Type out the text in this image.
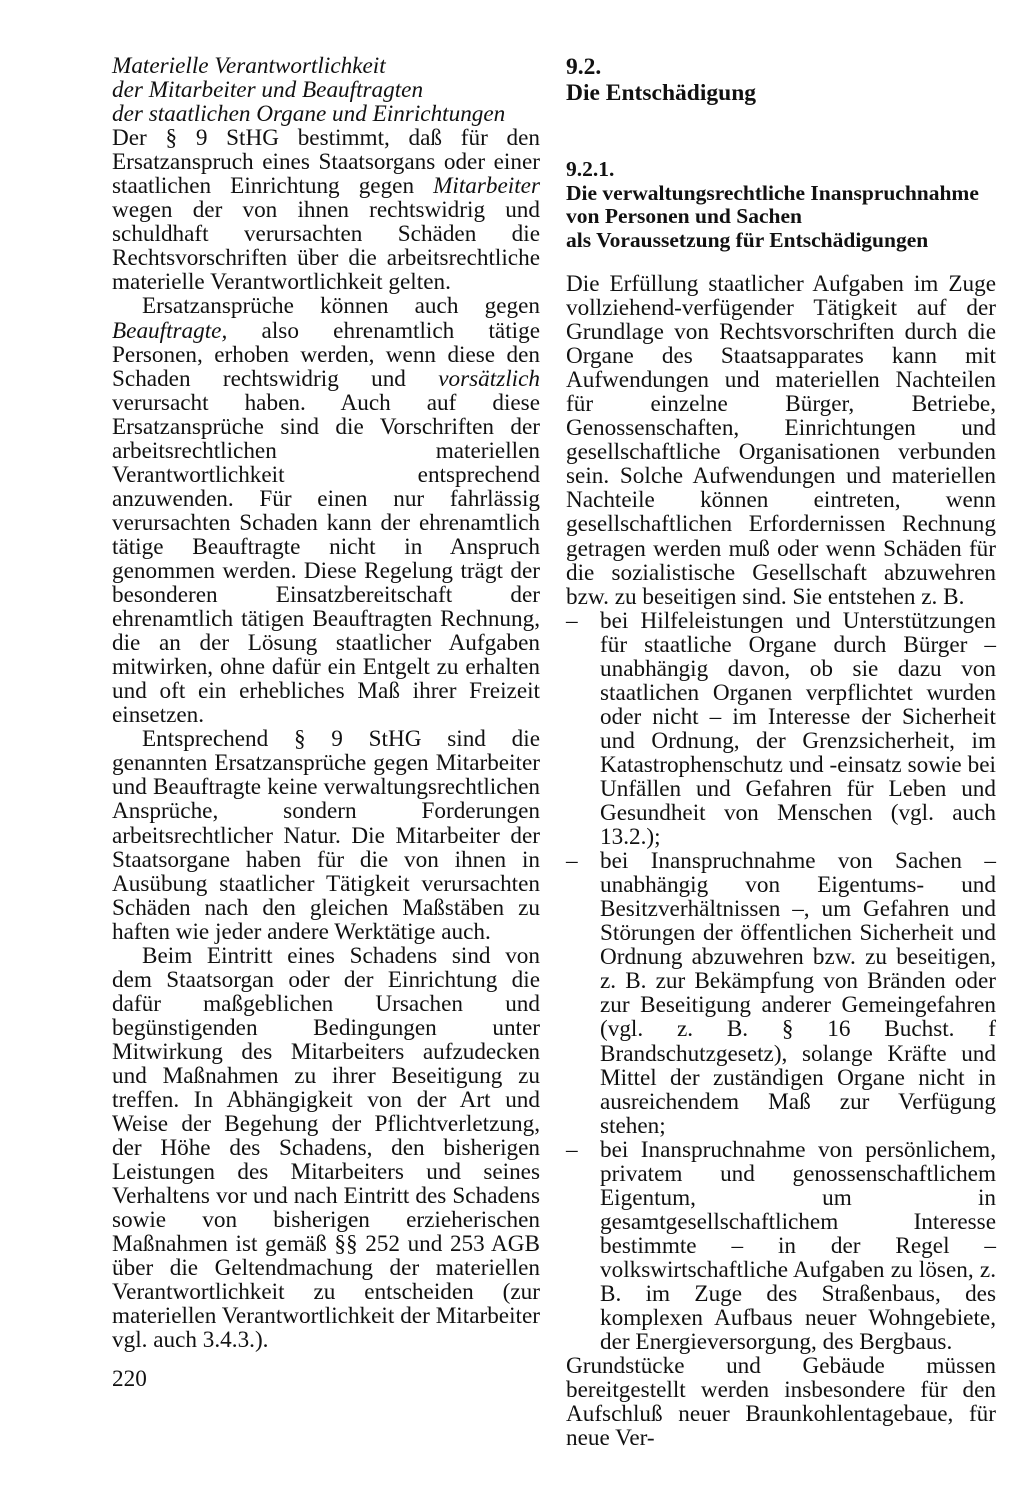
Materielle Verantwortlichkeit

der Mitarbeiter und Beauftragten

der staatlichen Organe und Einrichtungen

Der § 9 StHG bestimmt, daß für den Ersatzanspruch eines Staatsorgans oder einer staatlichen Einrichtung gegen Mitarbeiter wegen der von ihnen rechtswidrig und schuldhaft verursachten Schäden die Rechtsvorschriften über die arbeitsrechtliche materielle Verantwortlichkeit gelten.

Ersatzansprüche können auch gegen Beauftragte, also ehrenamtlich tätige Personen, erhoben werden, wenn diese den Schaden rechtswidrig und vorsätzlich verursacht haben. Auch auf diese Ersatzansprüche sind die Vorschriften der arbeitsrechtlichen materiellen Verantwortlichkeit entsprechend anzuwenden. Für einen nur fahrlässig verursachten Schaden kann der ehrenamtlich tätige Beauftragte nicht in Anspruch genommen werden. Diese Regelung trägt der besonderen Einsatzbereitschaft der ehrenamtlich tätigen Beauftragten Rechnung, die an der Lösung staatlicher Aufgaben mitwirken, ohne dafür ein Entgelt zu erhalten und oft ein erhebliches Maß ihrer Freizeit einsetzen.

Entsprechend § 9 StHG sind die genannten Ersatzansprüche gegen Mitarbeiter und Beauftragte keine verwaltungsrechtlichen Ansprüche, sondern Forderungen arbeitsrechtlicher Natur. Die Mitarbeiter der Staatsorgane haben für die von ihnen in Ausübung staatlicher Tätigkeit verursachten Schäden nach den gleichen Maßstäben zu haften wie jeder andere Werktätige auch.

Beim Eintritt eines Schadens sind von dem Staatsorgan oder der Einrichtung die dafür maßgeblichen Ursachen und begünstigenden Bedingungen unter Mitwirkung des Mitarbeiters aufzudecken und Maßnahmen zu ihrer Beseitigung zu treffen. In Abhängigkeit von der Art und Weise der Begehung der Pflichtverletzung, der Höhe des Schadens, den bisherigen Leistungen des Mitarbeiters und seines Verhaltens vor und nach Eintritt des Schadens sowie von bisherigen erzieherischen Maßnahmen ist gemäß §§ 252 und 253 AGB über die Geltendmachung der materiellen Verantwortlichkeit zu entscheiden (zur materiellen Verantwortlichkeit der Mitarbeiter vgl. auch 3.4.3.).

9.2.

Die Entschädigung

9.2.1.

Die verwaltungsrechtliche Inanspruchnahme

von Personen und Sachen

als Voraussetzung für Entschädigungen

Die Erfüllung staatlicher Aufgaben im Zuge vollziehend-verfügender Tätigkeit auf der Grundlage von Rechtsvorschriften durch die Organe des Staatsapparates kann mit Aufwendungen und materiellen Nachteilen für einzelne Bürger, Betriebe, Genossenschaften, Einrichtungen und gesellschaftliche Organisationen verbunden sein. Solche Aufwendungen und materiellen Nachteile können eintreten, wenn gesellschaftlichen Erfordernissen Rechnung getragen werden muß oder wenn Schäden für die sozialistische Gesellschaft abzuwehren bzw. zu beseitigen sind. Sie entstehen z. B.

– bei Hilfeleistungen und Unterstützungen für staatliche Organe durch Bürger – unabhängig davon, ob sie dazu von staatlichen Organen verpflichtet wurden oder nicht – im Interesse der Sicherheit und Ordnung, der Grenzsicherheit, im Katastrophenschutz und -einsatz sowie bei Unfällen und Gefahren für Leben und Gesundheit von Menschen (vgl. auch 13.2.);
– bei Inanspruchnahme von Sachen – unabhängig von Eigentums- und Besitzverhältnissen –, um Gefahren und Störungen der öffentlichen Sicherheit und Ordnung abzuwehren bzw. zu beseitigen, z. B. zur Bekämpfung von Bränden oder zur Beseitigung anderer Gemeingefahren (vgl. z. B. § 16 Buchst. f Brandschutzgesetz), solange Kräfte und Mittel der zuständigen Organe nicht in ausreichendem Maß zur Verfügung stehen;
– bei Inanspruchnahme von persönlichem, privatem und genossenschaftlichem Eigentum, um in gesamtgesellschaftlichem Interesse bestimmte – in der Regel – volkswirtschaftliche Aufgaben zu lösen, z. B. im Zuge des Straßenbaus, des komplexen Aufbaus neuer Wohngebiete, der Energieversorgung, des Bergbaus.

Grundstücke und Gebäude müssen bereitgestellt werden insbesondere für den Aufschluß neuer Braunkohlentagebaue, für neue Ver-

220
